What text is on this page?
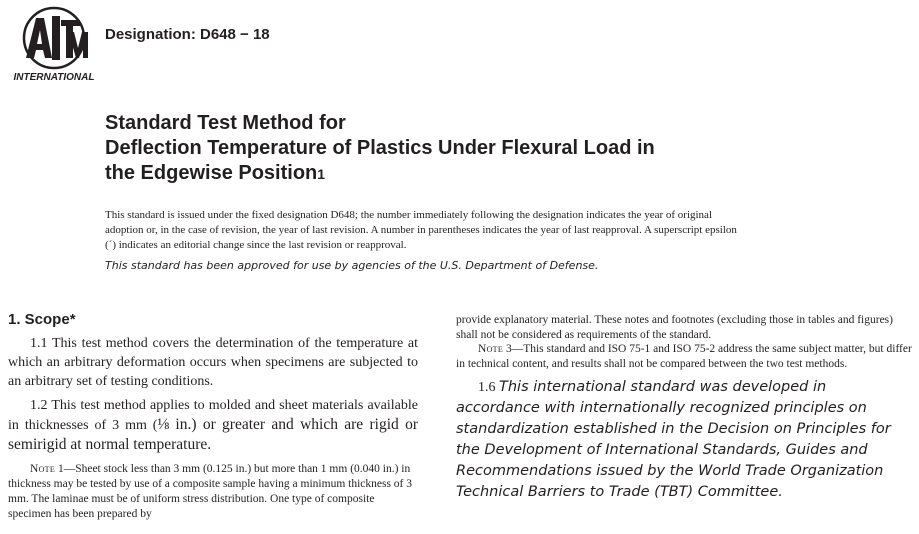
INTERNATIONAL
Designation: D648 − 18
Standard Test Method for
Deflection Temperature of Plastics Under Flexural Load in
the Edgewise Position1
This standard is issued under the fixed designation D648; the number immediately following the designation indicates the year of original adoption or, in the case of revision, the year of last revision. A number in parentheses indicates the year of last reapproval. A superscript epsilon (´) indicates an editorial change since the last revision or reapproval.
This standard has been approved for use by agencies of the U.S. Department of Defense.
1. Scope*

1.1 This test method covers the determination of the temperature at which an arbitrary deformation occurs when specimens are subjected to an arbitrary set of testing conditions.

1.2 This test method applies to molded and sheet materials available in thicknesses of 3 mm (⅛ in.) or greater and which are rigid or semirigid at normal temperature.

Note 1—Sheet stock less than 3 mm (0.125 in.) but more than 1 mm (0.040 in.) in thickness may be tested by use of a composite sample having a minimum thickness of 3 mm. The laminae must be of uniform stress distribution. One type of composite specimen has been prepared by

provide explanatory material. These notes and footnotes (excluding those in tables and figures) shall not be considered as requirements of the standard.

Note 3—This standard and ISO 75-1 and ISO 75-2 address the same subject matter, but differ in technical content, and results shall not be compared between the two test methods.

1.6 This international standard was developed in accordance with internationally recognized principles on standardization established in the Decision on Principles for the Development of International Standards, Guides and Recommendations issued by the World Trade Organization Technical Barriers to Trade (TBT) Committee.
